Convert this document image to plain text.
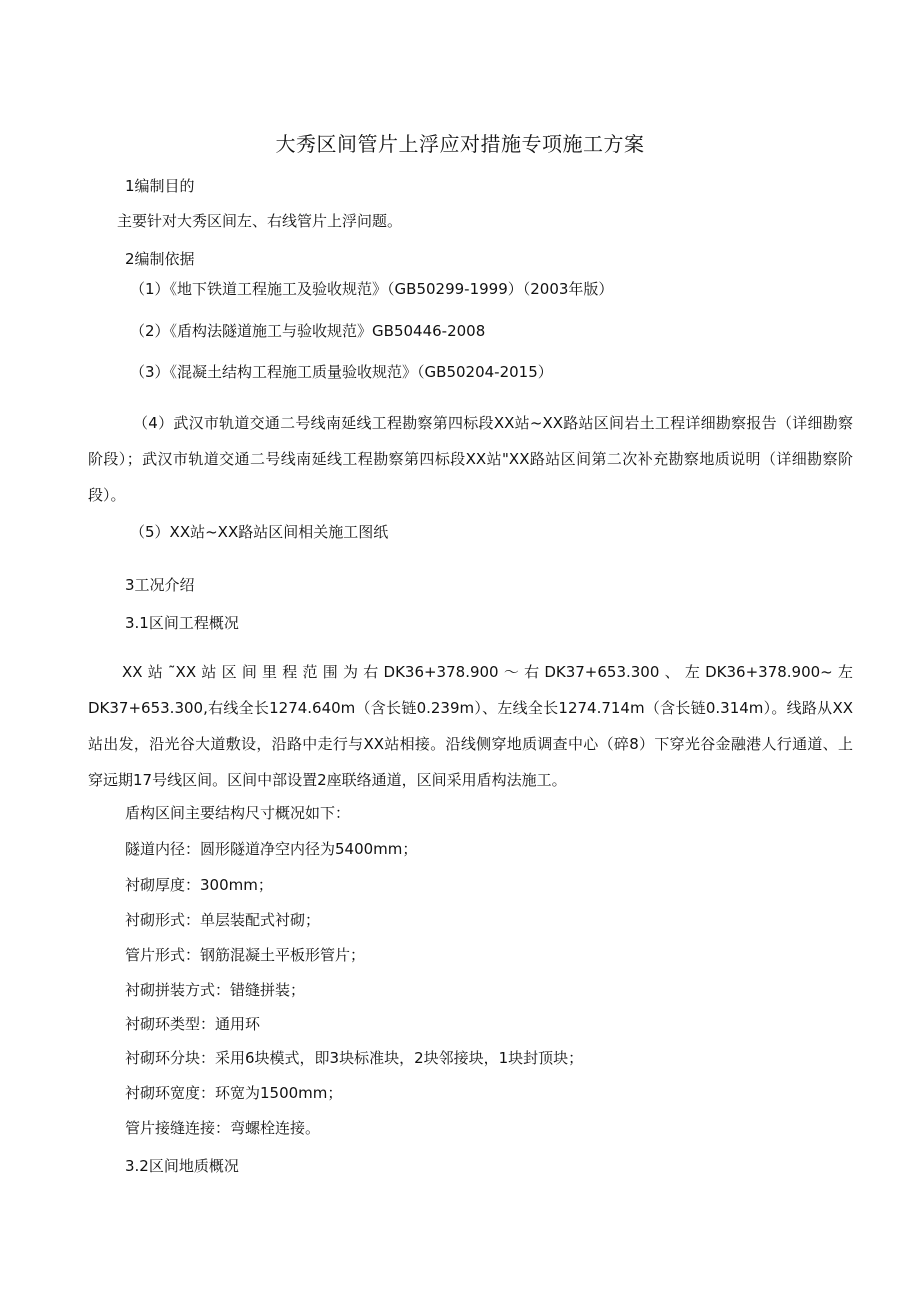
大秀区间管片上浮应对措施专项施工方案
1编制目的
主要针对大秀区间左、右线管片上浮问题。
2编制依据
（1）《地下铁道工程施工及验收规范》（GB50299-1999）（2003年版）
（2）《盾构法隧道施工与验收规范》GB50446-2008
（3）《混凝土结构工程施工质量验收规范》（GB50204-2015）
（4）武汉市轨道交通二号线南延线工程勘察第四标段XX站~XX路站区间岩土工程详细勘察报告（详细勘察阶段）；武汉市轨道交通二号线南延线工程勘察第四标段XX站"XX路站区间第二次补充勘察地质说明（详细勘察阶段）。
（5）XX站~XX路站区间相关施工图纸
3工况介绍
3.1区间工程概况
XX站˜XX站区间里程范围为右DK36+378.900～右DK37+653.300、左DK36+378.900~左DK37+653.300,右线全长1274.640m（含长链0.239m）、左线全长1274.714m（含长链0.314m）。线路从XX站出发，沿光谷大道敷设，沿路中走行与XX站相接。沿线侧穿地质调查中心（碎8）下穿光谷金融港人行通道、上穿远期17号线区间。区间中部设置2座联络通道，区间采用盾构法施工。
盾构区间主要结构尺寸概况如下：
隧道内径：圆形隧道净空内径为5400mm；
衬砌厚度：300mm；
衬砌形式：单层装配式衬砌；
管片形式：钢筋混凝土平板形管片；
衬砌拼装方式：错缝拼装；
衬砌环类型：通用环
衬砌环分块：采用6块模式，即3块标准块，2块邻接块，1块封顶块；
衬砌环宽度：环宽为1500mm；
管片接缝连接：弯螺栓连接。
3.2区间地质概况
